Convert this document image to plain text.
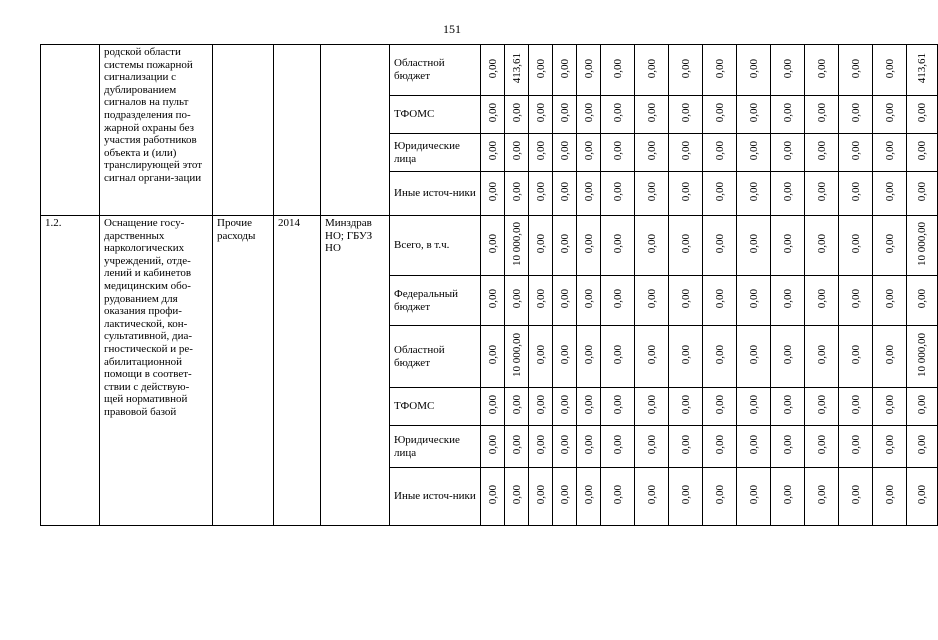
151
	родской области системы пожарной сигнализации с дублированием сигналов на пульт подразделения по-жарной охраны без участия работников объекта и (или) транслирующей этот сигнал органи-зации				Областной бюджет	0,00	413,61	0,00	0,00	0,00	0,00	0,00	0,00	0,00	0,00	0,00	0,00	0,00	0,00	413,61
					ТФОМС	0,00	0,00	0,00	0,00	0,00	0,00	0,00	0,00	0,00	0,00	0,00	0,00	0,00	0,00	0,00
					Юридические лица	0,00	0,00	0,00	0,00	0,00	0,00	0,00	0,00	0,00	0,00	0,00	0,00	0,00	0,00	0,00
					Иные источ-ники	0,00	0,00	0,00	0,00	0,00	0,00	0,00	0,00	0,00	0,00	0,00	0,00	0,00	0,00	0,00
1.2.	Оснащение госу-дарственных наркологических учреждений, отде-лений и кабинетов медицинским обо-рудованием для оказания профи-лактической, кон-сультативной, диа-гностической и ре-абилитационной помощи в соответ-ствии с действую-щей нормативной правовой базой	Прочие расходы	2014	Минздрав НО; ГБУЗ НО	Всего, в т.ч.	0,00	10 000,00	0,00	0,00	0,00	0,00	0,00	0,00	0,00	0,00	0,00	0,00	0,00	0,00	10 000,00
					Федеральный бюджет	0,00	0,00	0,00	0,00	0,00	0,00	0,00	0,00	0,00	0,00	0,00	0,00	0,00	0,00	0,00
					Областной бюджет	0,00	10 000,00	0,00	0,00	0,00	0,00	0,00	0,00	0,00	0,00	0,00	0,00	0,00	0,00	10 000,00
					ТФОМС	0,00	0,00	0,00	0,00	0,00	0,00	0,00	0,00	0,00	0,00	0,00	0,00	0,00	0,00	0,00
					Юридические лица	0,00	0,00	0,00	0,00	0,00	0,00	0,00	0,00	0,00	0,00	0,00	0,00	0,00	0,00	0,00
					Иные источ-ники	0,00	0,00	0,00	0,00	0,00	0,00	0,00	0,00	0,00	0,00	0,00	0,00	0,00	0,00	0,00
